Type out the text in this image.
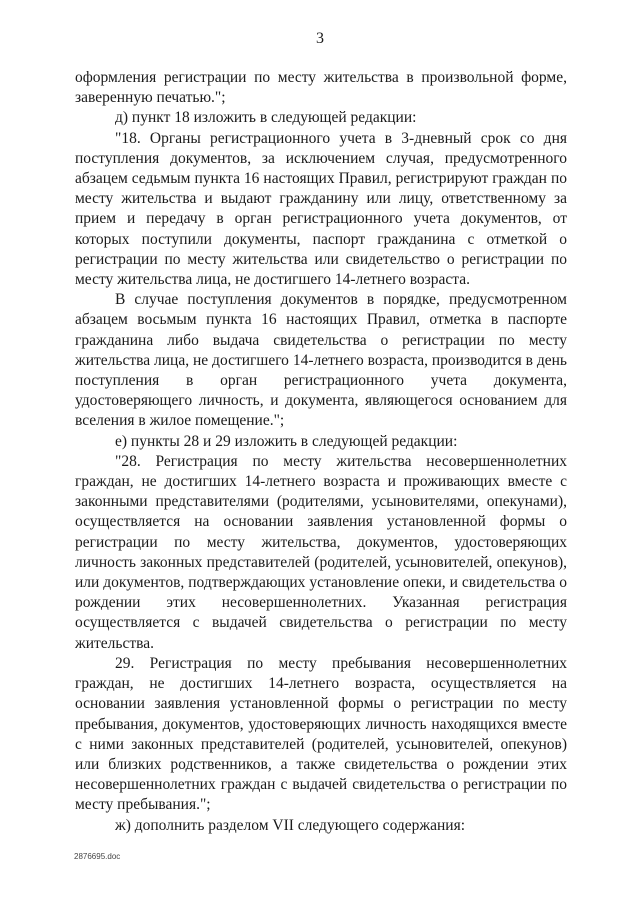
3

оформления регистрации по месту жительства в произвольной форме, заверенную печатью.";

д) пункт 18 изложить в следующей редакции:

"18. Органы регистрационного учета в 3-дневный срок со дня поступления документов, за исключением случая, предусмотренного абзацем седьмым пункта 16 настоящих Правил, регистрируют граждан по месту жительства и выдают гражданину или лицу, ответственному за прием и передачу в орган регистрационного учета документов, от которых поступили документы, паспорт гражданина с отметкой о регистрации по месту жительства или свидетельство о регистрации по месту жительства лица, не достигшего 14-летнего возраста.

В случае поступления документов в порядке, предусмотренном абзацем восьмым пункта 16 настоящих Правил, отметка в паспорте гражданина либо выдача свидетельства о регистрации по месту жительства лица, не достигшего 14-летнего возраста, производится в день поступления в орган регистрационного учета документа, удостоверяющего личность, и документа, являющегося основанием для вселения в жилое помещение.";

е) пункты 28 и 29 изложить в следующей редакции:

"28. Регистрация по месту жительства несовершеннолетних граждан, не достигших 14-летнего возраста и проживающих вместе с законными представителями (родителями, усыновителями, опекунами), осуществляется на основании заявления установленной формы о регистрации по месту жительства, документов, удостоверяющих личность законных представителей (родителей, усыновителей, опекунов), или документов, подтверждающих установление опеки, и свидетельства о рождении этих несовершеннолетних. Указанная регистрация осуществляется с выдачей свидетельства о регистрации по месту жительства.

29. Регистрация по месту пребывания несовершеннолетних граждан, не достигших 14-летнего возраста, осуществляется на основании заявления установленной формы о регистрации по месту пребывания, документов, удостоверяющих личность находящихся вместе с ними законных представителей (родителей, усыновителей, опекунов) или близких родственников, а также свидетельства о рождении этих несовершеннолетних граждан с выдачей свидетельства о регистрации по месту пребывания.";

ж) дополнить разделом VII следующего содержания:

2876695.doc
